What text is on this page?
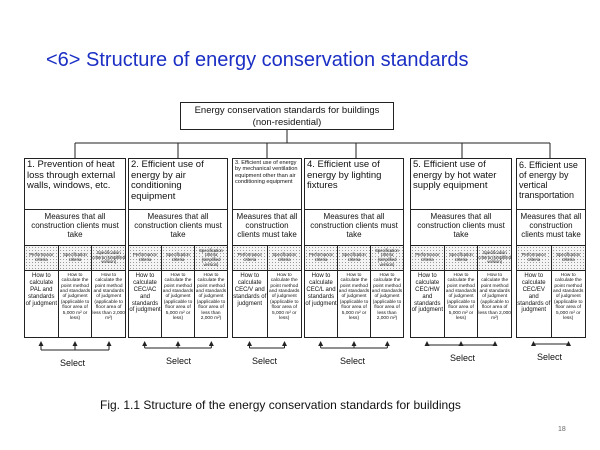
<6> Structure of energy conservation standards
Energy conservation standards for buildings
(non-residential)
1. Prevention of heat loss through external walls, windows, etc.
Measures that all construction clients must take
Performance criteria
Specification criteria
Specification criteria (simplified version)
How to calculate PAL and standards of judgment
How to calculate the point method and standards of judgment (applicable to floor area of 5,000 m² or less)
How to calculate the point method and standards of judgment (applicable to floor area of less than 2,000 m²)
2. Efficient use of energy by air conditioning equipment
Measures that all construction clients must take
Performance criteria
Specification criteria
Specification criteria (simplified version)
How to calculate CEC/AC and standards of judgment
How to calculate the point method and standards of judgment (applicable to floor area of 5,000 m² or less)
How to calculate the point method and standards of judgment (applicable to floor area of less than 2,000 m²)
3. Efficient use of energy by mechanical ventilation equipment other than air conditioning equipment
Measures that all construction clients must take
Performance criteria
Specification criteria
How to calculate CEC/V and standards of judgment
How to calculate the point method and standards of judgment (applicable to floor area of 5,000 m² or less)
4. Efficient use of energy by lighting fixtures
Measures that all construction clients must take
Performance criteria
Specification criteria
Specification criteria (simplified version)
How to calculate CEC/L and standards of judgment
How to calculate the point method and standards of judgment (applicable to floor area of 5,000 m² or less)
How to calculate the point method and standards of judgment (applicable to floor area of less than 2,000 m²)
5. Efficient use of energy by hot water supply equipment
Measures that all construction clients must take
Performance criteria
Specification criteria
Specification criteria (simplified version)
How to calculate CEC/HW and standards of judgment
How to calculate the point method and standards of judgment (applicable to floor area of 5,000 m² or less)
How to calculate the point method and standards of judgment (applicable to floor area of less than 2,000 m²)
6. Efficient use of energy by vertical transportation
Measures that all construction clients must take
Performance criteria
Specification criteria
How to calculate CEC/EV and standards of judgment
How to calculate the point method and standards of judgment (applicable to floor area of 5,000 m² or less)
Select	Select	Select	Select	Select	Select
Fig. 1.1 Structure of the energy conservation standards for buildings
18
